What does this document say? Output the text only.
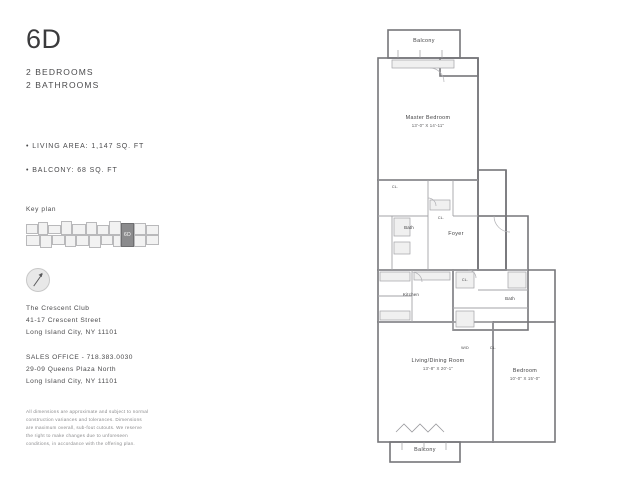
6D
2 BEDROOMS
2 BATHROOMS
• LIVING AREA: 1,147 SQ. FT
• BALCONY: 68 SQ. FT
Key plan
6D
The Crescent Club
41-17 Crescent Street
Long Island City, NY 11101
SALES OFFICE - 718.383.0030
29-09 Queens Plaza North
Long Island City, NY 11101
All dimensions are approximate and subject to normal construction variances and tolerances. Dimensions are maximum overall, sub-fout cutouts. We reserve the right to make changes due to unforeseen conditions, in accordance with the offering plan.
Balcony
Master Bedroom
13'-0" X 14'-11"
Bath
Foyer
Kitchen
Bath
Living/Dining Room
13'-8" X 20'-1"	Bedroom
10'-0" X 15'-0"
Balcony
CL.
CL.
CL.
CL.
W/D
